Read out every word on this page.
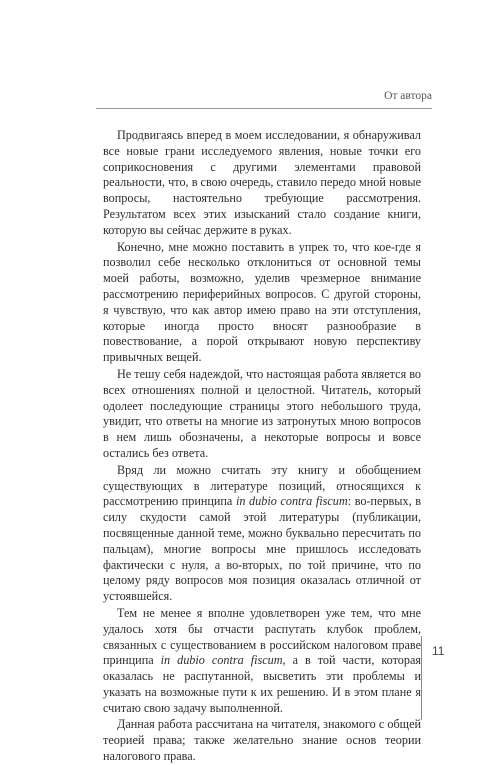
От автора

Продвигаясь вперед в моем исследовании, я обнаруживал все новые грани исследуемого явления, новые точки его соприкосновения с другими элементами правовой реальности, что, в свою очередь, ставило передо мной новые вопросы, настоятельно требующие рассмотрения. Результатом всех этих изысканий стало создание книги, которую вы сейчас держите в руках.

Конечно, мне можно поставить в упрек то, что кое-где я позволил себе несколько отклониться от основной темы моей работы, возможно, уделив чрезмерное внимание рассмотрению периферийных вопросов. С другой стороны, я чувствую, что как автор имею право на эти отступления, которые иногда просто вносят разнообразие в повествование, а порой открывают новую перспективу привычных вещей.

Не тешу себя надеждой, что настоящая работа является во всех отношениях полной и целостной. Читатель, который одолеет последующие страницы этого небольшого труда, увидит, что ответы на многие из затронутых мною вопросов в нем лишь обозначены, а некоторые вопросы и вовсе остались без ответа.

Вряд ли можно считать эту книгу и обобщением существующих в литературе позиций, относящихся к рассмотрению принципа in dubio contra fiscum: во-первых, в силу скудости самой этой литературы (публикации, посвященные данной теме, можно буквально пересчитать по пальцам), многие вопросы мне пришлось исследовать фактически с нуля, а во-вторых, по той причине, что по целому ряду вопросов моя позиция оказалась отличной от устоявшейся.

Тем не менее я вполне удовлетворен уже тем, что мне удалось хотя бы отчасти распутать клубок проблем, связанных с существованием в российском налоговом праве принципа in dubio contra fiscum, а в той части, которая оказалась не распутанной, высветить эти проблемы и указать на возможные пути к их решению. И в этом плане я считаю свою задачу выполненной.

Данная работа рассчитана на читателя, знакомого с общей теорией права; также желательно знание основ теории налогового права.

11
